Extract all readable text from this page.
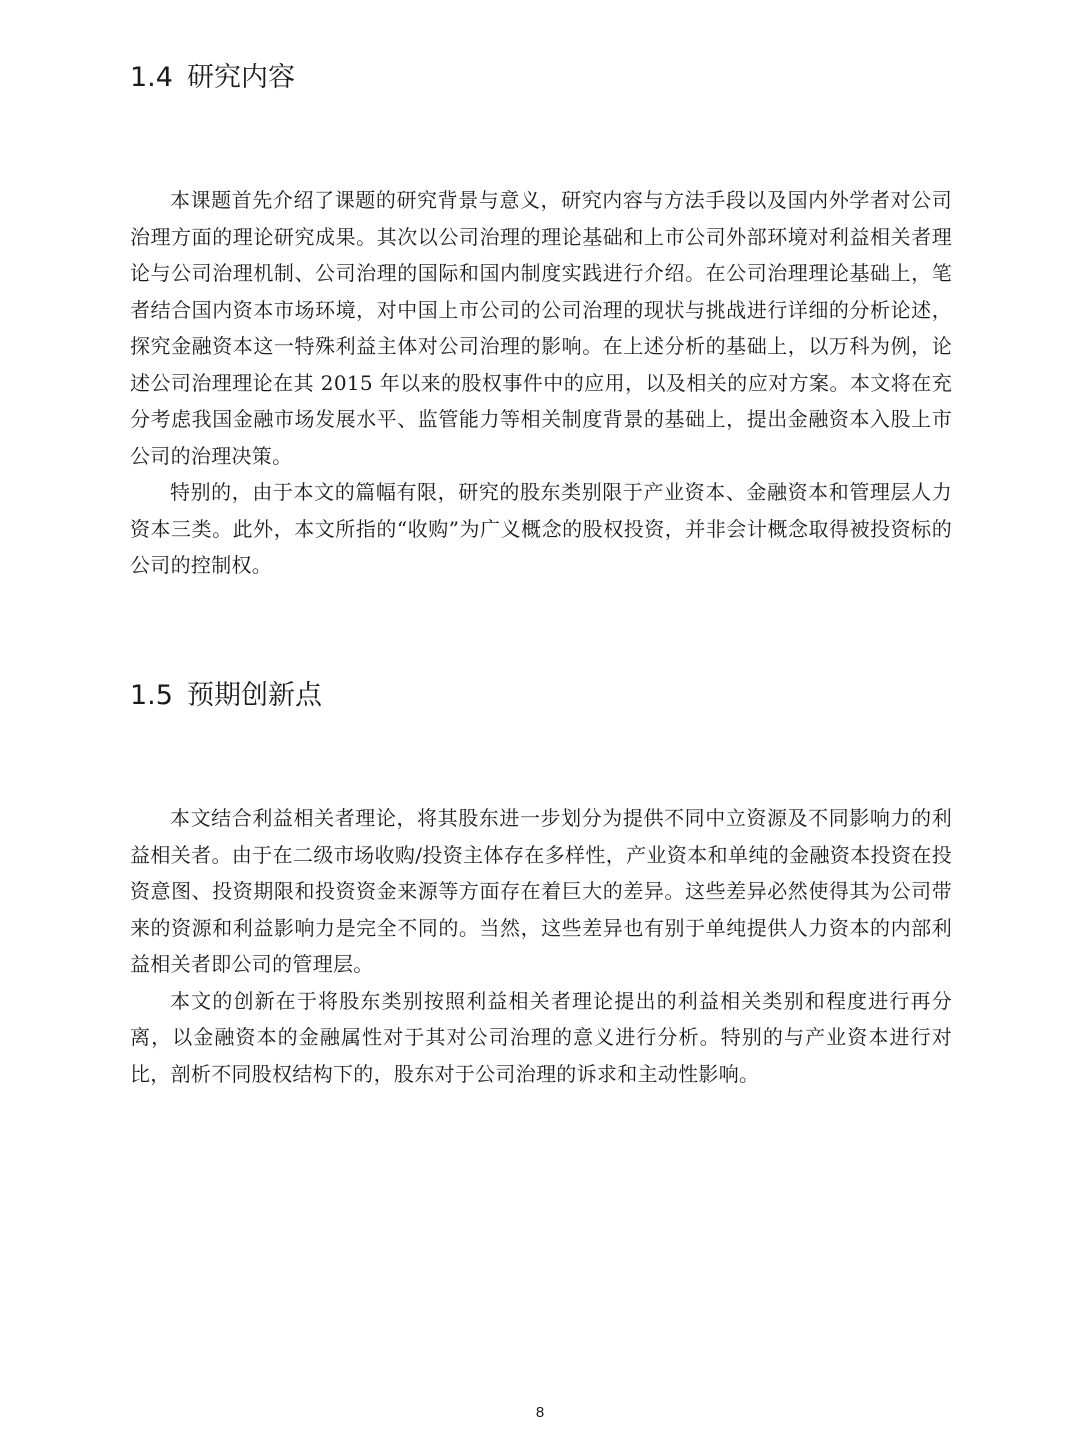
1.4 研究内容

本课题首先介绍了课题的研究背景与意义，研究内容与方法手段以及国内外学者对公司治理方面的理论研究成果。其次以公司治理的理论基础和上市公司外部环境对利益相关者理论与公司治理机制、公司治理的国际和国内制度实践进行介绍。在公司治理理论基础上，笔者结合国内资本市场环境，对中国上市公司的公司治理的现状与挑战进行详细的分析论述，探究金融资本这一特殊利益主体对公司治理的影响。在上述分析的基础上，以万科为例，论述公司治理理论在其 2015 年以来的股权事件中的应用，以及相关的应对方案。本文将在充分考虑我国金融市场发展水平、监管能力等相关制度背景的基础上，提出金融资本入股上市公司的治理决策。

特别的，由于本文的篇幅有限，研究的股东类别限于产业资本、金融资本和管理层人力资本三类。此外，本文所指的“收购”为广义概念的股权投资，并非会计概念取得被投资标的公司的控制权。

1.5 预期创新点

本文结合利益相关者理论，将其股东进一步划分为提供不同中立资源及不同影响力的利益相关者。由于在二级市场收购/投资主体存在多样性，产业资本和单纯的金融资本投资在投资意图、投资期限和投资资金来源等方面存在着巨大的差异。这些差异必然使得其为公司带来的资源和利益影响力是完全不同的。当然，这些差异也有别于单纯提供人力资本的内部利益相关者即公司的管理层。

本文的创新在于将股东类别按照利益相关者理论提出的利益相关类别和程度进行再分离，以金融资本的金融属性对于其对公司治理的意义进行分析。特别的与产业资本进行对比，剖析不同股权结构下的，股东对于公司治理的诉求和主动性影响。

8
